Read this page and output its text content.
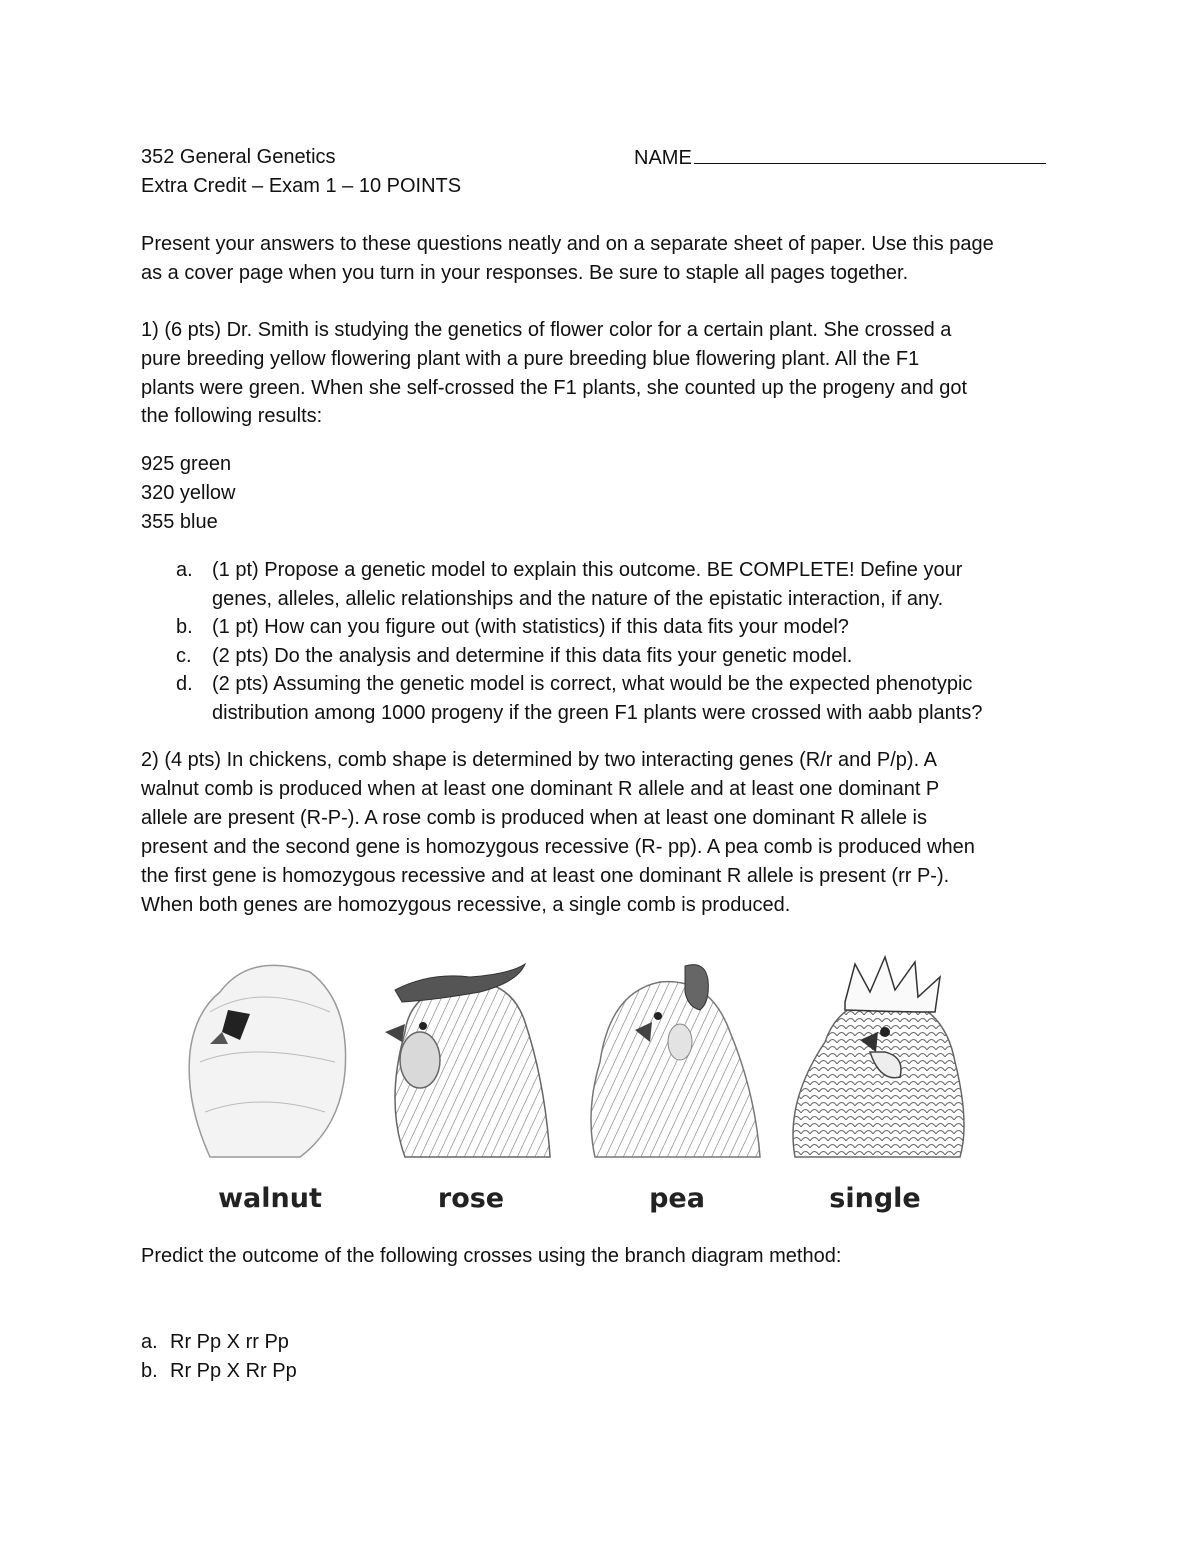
352 General Genetics	NAME
Extra Credit – Exam 1 – 10 POINTS
Present your answers to these questions neatly and on a separate sheet of paper. Use this page
as a cover page when you turn in your responses. Be sure to staple all pages together.
1) (6 pts) Dr. Smith is studying the genetics of flower color for a certain plant. She crossed a
pure breeding yellow flowering plant with a pure breeding blue flowering plant. All the F1
plants were green. When she self-crossed the F1 plants, she counted up the progeny and got
the following results:
925 green
320 yellow
355 blue
a. (1 pt) Propose a genetic model to explain this outcome. BE COMPLETE! Define your
genes, alleles, allelic relationships and the nature of the epistatic interaction, if any.
b. (1 pt) How can you figure out (with statistics) if this data fits your model?
c. (2 pts) Do the analysis and determine if this data fits your genetic model.
d. (2 pts) Assuming the genetic model is correct, what would be the expected phenotypic
distribution among 1000 progeny if the green F1 plants were crossed with aabb plants?
2) (4 pts) In chickens, comb shape is determined by two interacting genes (R/r and P/p). A
walnut comb is produced when at least one dominant R allele and at least one dominant P
allele are present (R-P-). A rose comb is produced when at least one dominant R allele is
present and the second gene is homozygous recessive (R- pp). A pea comb is produced when
the first gene is homozygous recessive and at least one dominant R allele is present (rr P-).
When both genes are homozygous recessive, a single comb is produced.
walnut	rose	pea	single
Predict the outcome of the following crosses using the branch diagram method:
a. Rr Pp X rr Pp
b. Rr Pp X Rr Pp
